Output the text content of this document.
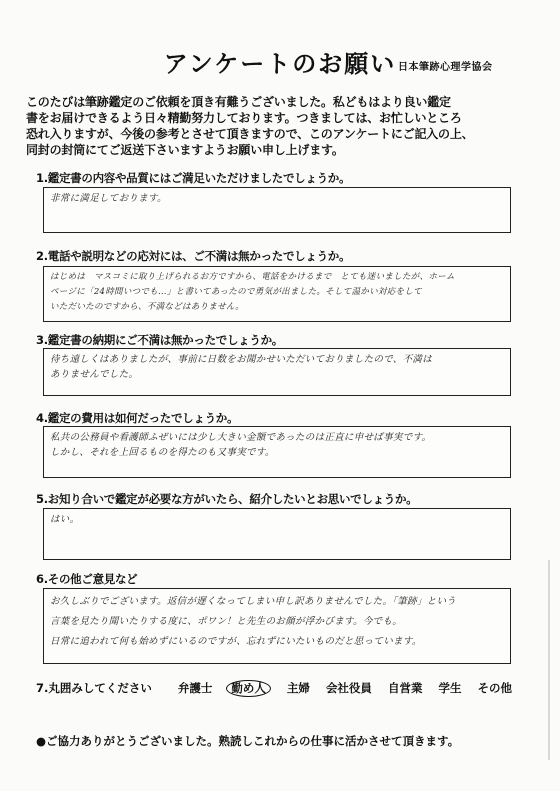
アンケートのお願い 日本筆跡心理学協会
このたびは筆跡鑑定のご依頼を頂き有難うございました。私どもはより良い鑑定
書をお届けできるよう日々精勤努力しております。つきましては、お忙しいところ
恐れ入りますが、今後の参考とさせて頂きますので、このアンケートにご記入の上、
同封の封筒にてご返送下さいますようお願い申し上げます。
1.鑑定書の内容や品質にはご満足いただけましたでしょうか。
非常に満足しております。
2.電話や説明などの応対には、ご不満は無かったでしょうか。
はじめは　マスコミに取り上げられるお方ですから、電話をかけるまで　とても迷いましたが、ホーム
ページに「24時間いつでも…」と書いてあったので勇気が出ました。そして温かい対応をして
いただいたのですから、不満などはありません。
3.鑑定書の納期にご不満は無かったでしょうか。
待ち遠しくはありましたが、事前に日数をお聞かせいただいておりましたので、不満は
ありませんでした。
4.鑑定の費用は如何だったでしょうか。
私共の公務員や看護師ふぜいには少し大きい金額であったのは正直に申せば事実です。
しかし、それを上回るものを得たのも又事実です。
5.お知り合いで鑑定が必要な方がいたら、紹介したいとお思いでしょうか。
はい。
6.その他ご意見など
お久しぶりでございます。返信が遅くなってしまい申し訳ありませんでした。「筆跡」という
言葉を見たり聞いたりする度に、ポワン！と先生のお顔が浮かびます。今でも。
日常に追われて何も始めずにいるのですが、忘れずにいたいものだと思っています。
7.丸囲みしてください 弁護士 勤め人 主婦 会社役員 自営業 学生 その他
●ご協力ありがとうございました。熟読しこれからの仕事に活かさせて頂きます。
